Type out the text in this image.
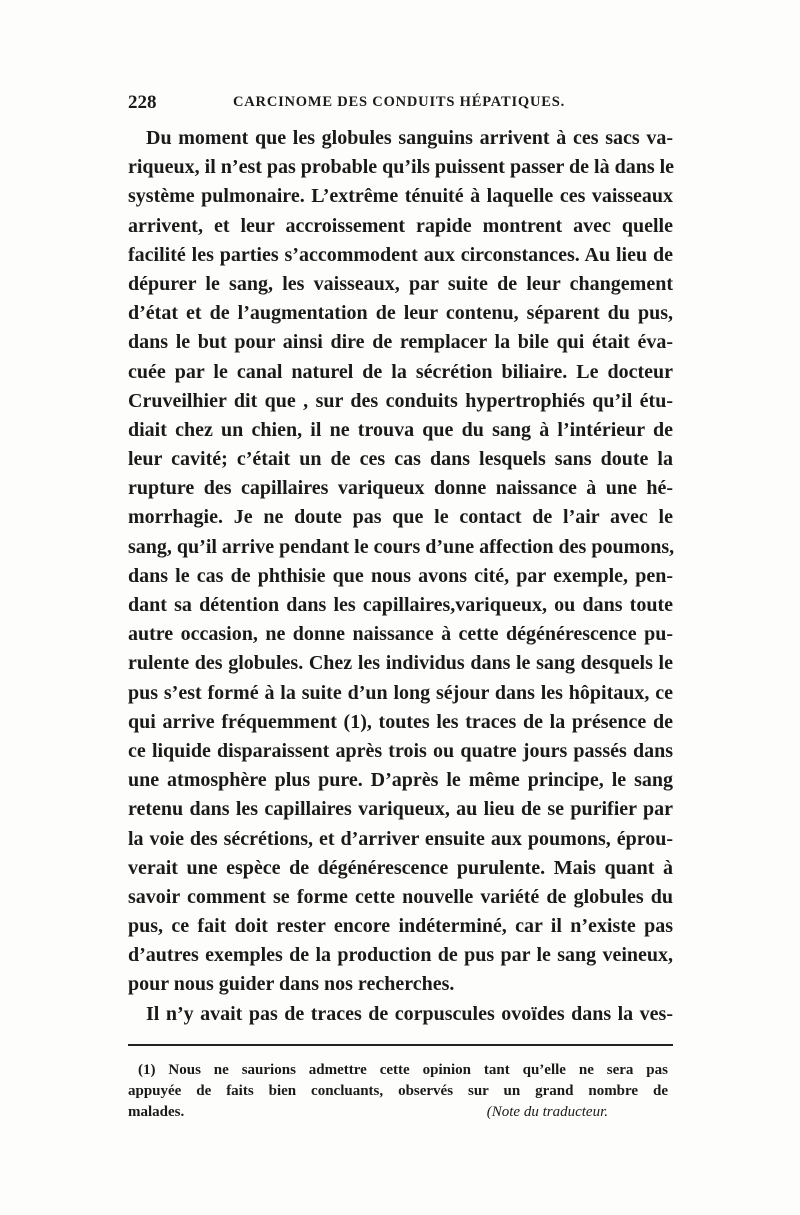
228	CARCINOME DES CONDUITS HÉPATIQUES.
Du moment que les globules sanguins arrivent à ces sacs va-
riqueux, il n’est pas probable qu’ils puissent passer de là dans le
système pulmonaire. L’extrême ténuité à laquelle ces vaisseaux
arrivent, et leur accroissement rapide montrent avec quelle
facilité les parties s’accommodent aux circonstances. Au lieu de
dépurer le sang, les vaisseaux, par suite de leur changement
d’état et de l’augmentation de leur contenu, séparent du pus,
dans le but pour ainsi dire de remplacer la bile qui était éva-
cuée par le canal naturel de la sécrétion biliaire. Le docteur
Cruveilhier dit que , sur des conduits hypertrophiés qu’il étu-
diait chez un chien, il ne trouva que du sang à l’intérieur de
leur cavité; c’était un de ces cas dans lesquels sans doute la
rupture des capillaires variqueux donne naissance à une hé-
morrhagie. Je ne doute pas que le contact de l’air avec le
sang, qu’il arrive pendant le cours d’une affection des poumons,
dans le cas de phthisie que nous avons cité, par exemple, pen-
dant sa détention dans les capillaires,variqueux, ou dans toute
autre occasion, ne donne naissance à cette dégénérescence pu-
rulente des globules. Chez les individus dans le sang desquels le
pus s’est formé à la suite d’un long séjour dans les hôpitaux, ce
qui arrive fréquemment (1), toutes les traces de la présence de
ce liquide disparaissent après trois ou quatre jours passés dans
une atmosphère plus pure. D’après le même principe, le sang
retenu dans les capillaires variqueux, au lieu de se purifier par
la voie des sécrétions, et d’arriver ensuite aux poumons, éprou-
verait une espèce de dégénérescence purulente. Mais quant à
savoir comment se forme cette nouvelle variété de globules du
pus, ce fait doit rester encore indéterminé, car il n’existe pas
d’autres exemples de la production de pus par le sang veineux,
pour nous guider dans nos recherches.
Il n’y avait pas de traces de corpuscules ovoïdes dans la ves-
(1) Nous ne saurions admettre cette opinion tant qu’elle ne sera pas
appuyée de faits bien concluants, observés sur un grand nombre de
malades.	(Note du traducteur.
